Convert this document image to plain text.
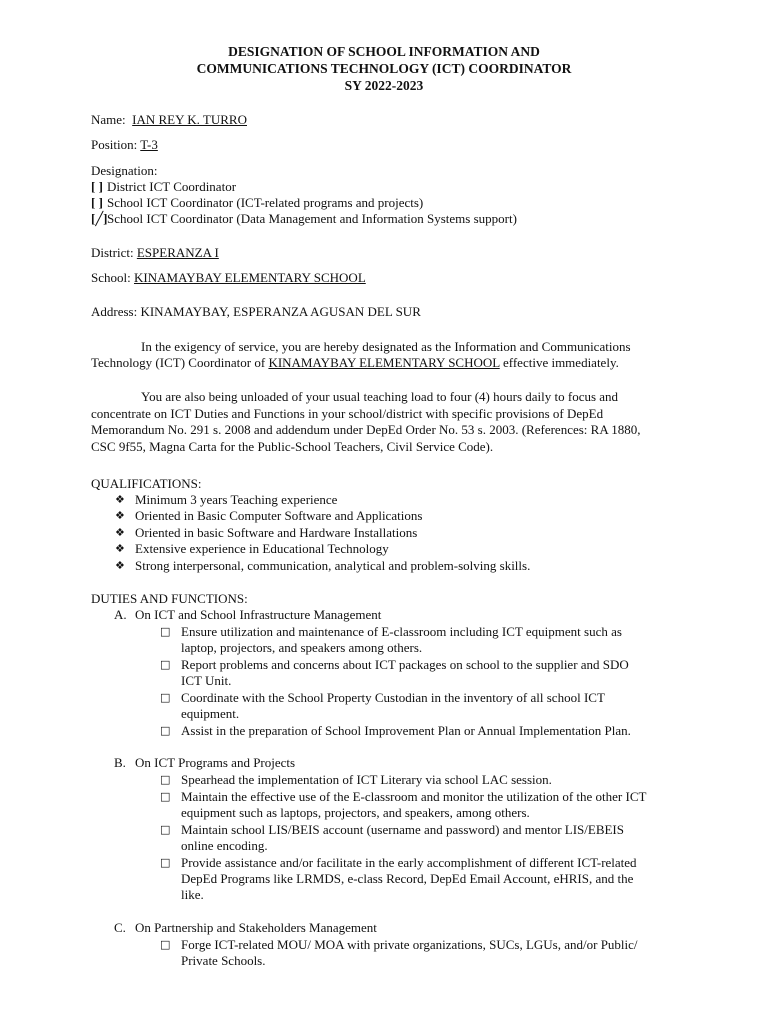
DESIGNATION OF SCHOOL INFORMATION AND
COMMUNICATIONS TECHNOLOGY (ICT) COORDINATOR
SY 2022-2023
Name: IAN REY K. TURRO
Position: T-3
Designation:
[ ] District ICT Coordinator
[ ] School ICT Coordinator (ICT-related programs and projects)
[╱]School ICT Coordinator (Data Management and Information Systems support)
District: ESPERANZA I
School: KINAMAYBAY ELEMENTARY SCHOOL
Address: KINAMAYBAY, ESPERANZA AGUSAN DEL SUR
In the exigency of service, you are hereby designated as the Information and Communications
Technology (ICT) Coordinator of KINAMAYBAY ELEMENTARY SCHOOL effective immediately.
You are also being unloaded of your usual teaching load to four (4) hours daily to focus and
concentrate on ICT Duties and Functions in your school/district with specific provisions of DepEd
Memorandum No. 291 s. 2008 and addendum under DepEd Order No. 53 s. 2003. (References: RA 1880,
CSC 9f55, Magna Carta for the Public-School Teachers, Civil Service Code).
QUALIFICATIONS:
❖ Minimum 3 years Teaching experience
❖ Oriented in Basic Computer Software and Applications
❖ Oriented in basic Software and Hardware Installations
❖ Extensive experience in Educational Technology
❖ Strong interpersonal, communication, analytical and problem-solving skills.
DUTIES AND FUNCTIONS:
A. On ICT and School Infrastructure Management
□ Ensure utilization and maintenance of E-classroom including ICT equipment such as
laptop, projectors, and speakers among others.
□ Report problems and concerns about ICT packages on school to the supplier and SDO
ICT Unit.
□ Coordinate with the School Property Custodian in the inventory of all school ICT
equipment.
□ Assist in the preparation of School Improvement Plan or Annual Implementation Plan.
B. On ICT Programs and Projects
□ Spearhead the implementation of ICT Literary via school LAC session.
□ Maintain the effective use of the E-classroom and monitor the utilization of the other ICT
equipment such as laptops, projectors, and speakers, among others.
□ Maintain school LIS/BEIS account (username and password) and mentor LIS/EBEIS
online encoding.
□ Provide assistance and/or facilitate in the early accomplishment of different ICT-related
DepEd Programs like LRMDS, e-class Record, DepEd Email Account, eHRIS, and the
like.
C. On Partnership and Stakeholders Management
□ Forge ICT-related MOU/ MOA with private organizations, SUCs, LGUs, and/or Public/
Private Schools.
